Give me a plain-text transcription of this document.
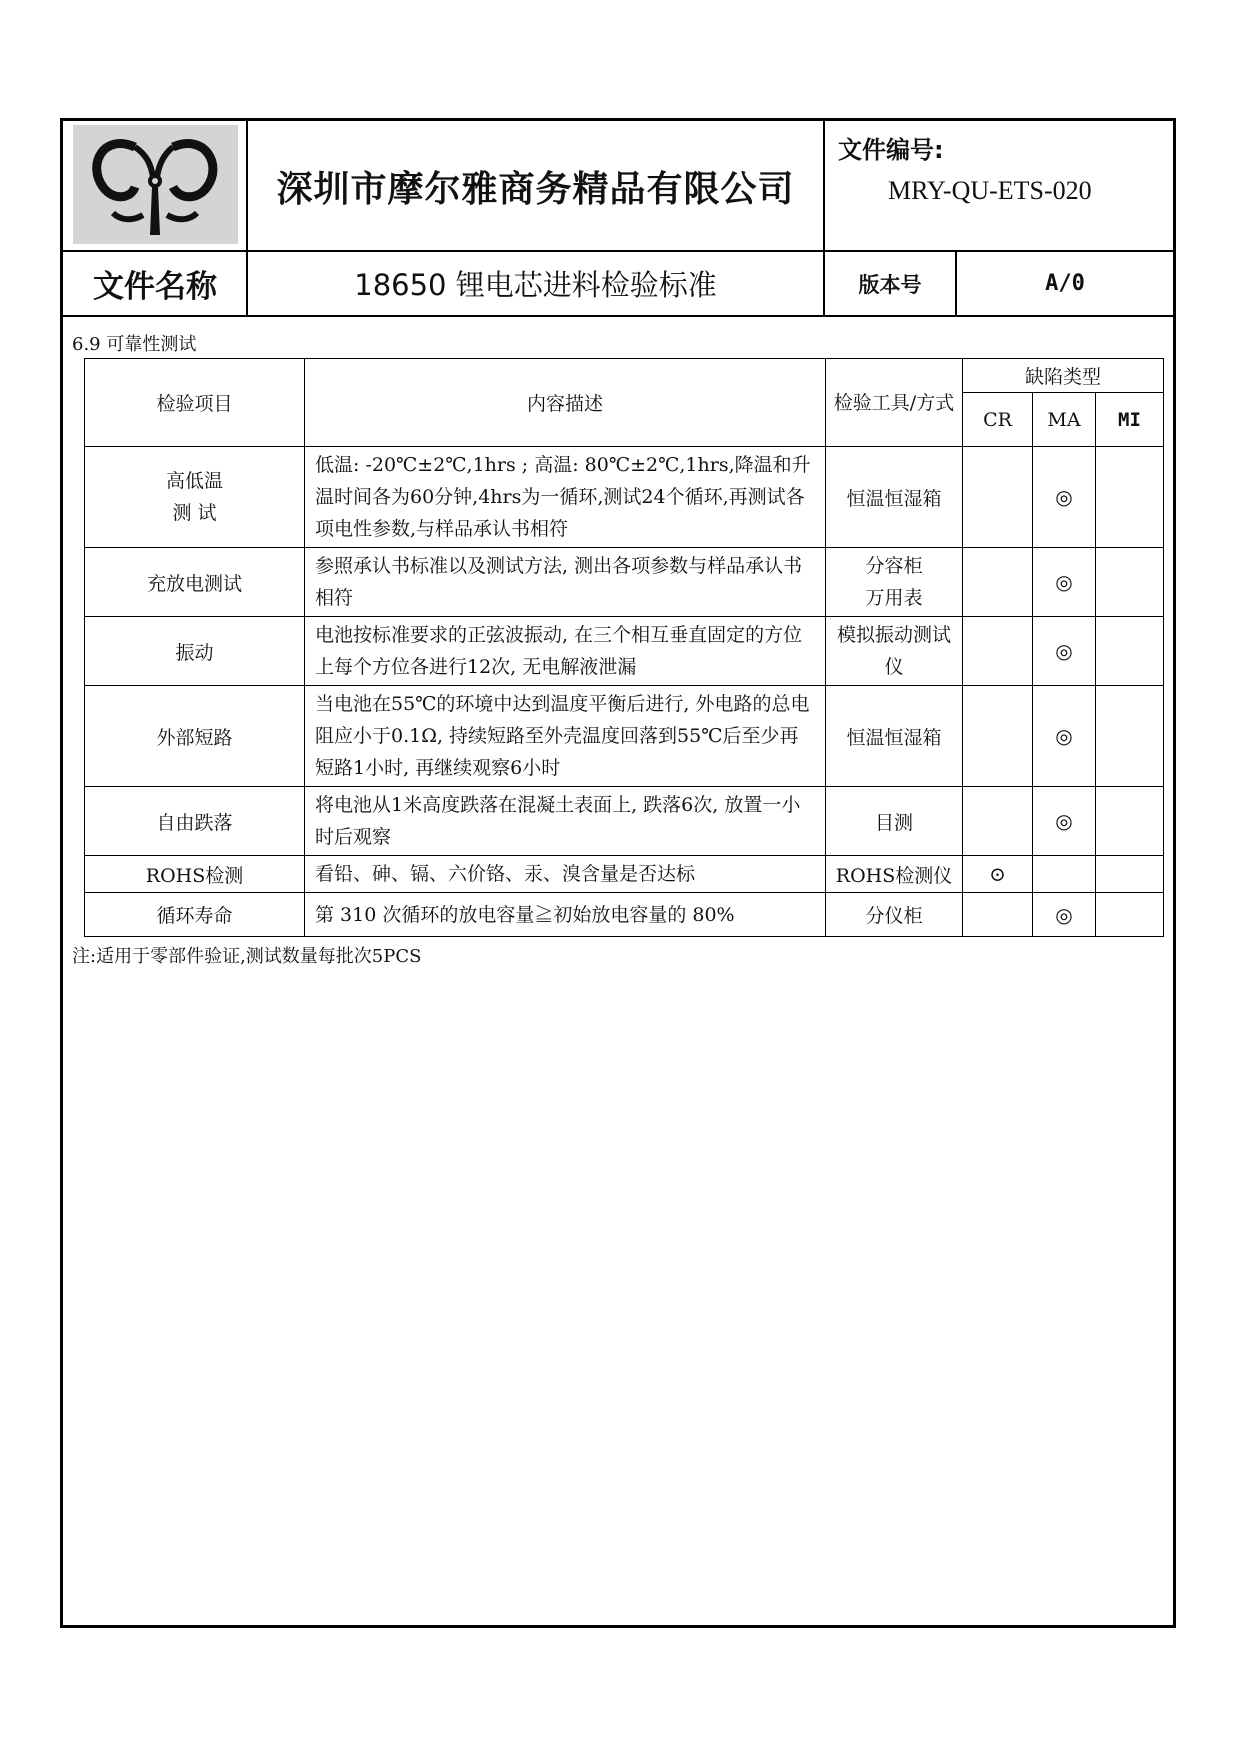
深圳市摩尔雅商务精品有限公司
文件编号:
MRY-QU-ETS-020
文件名称	18650 锂电芯进料检验标准	版本号	A/0
6.9 可靠性测试
检验项目	内容描述	检验工具/方式	缺陷类型		
			CR	MA	MI
高低温
测 试	低温: -20℃±2℃,1hrs ; 高温: 80℃±2℃,1hrs,降温和升温时间各为60分钟,4hrs为一循环,测试24个循环,再测试各项电性参数,与样品承认书相符	恒温恒湿箱		◎	
充放电测试	参照承认书标准以及测试方法, 测出各项参数与样品承认书相符	分容柜
万用表		◎	
振动	电池按标准要求的正弦波振动, 在三个相互垂直固定的方位上每个方位各进行12次, 无电解液泄漏	模拟振动测试仪		◎	
外部短路	当电池在55℃的环境中达到温度平衡后进行, 外电路的总电阻应小于0.1Ω, 持续短路至外壳温度回落到55℃后至少再短路1小时, 再继续观察6小时	恒温恒湿箱		◎	
自由跌落	将电池从1米高度跌落在混凝土表面上, 跌落6次, 放置一小时后观察	目测		◎	
ROHS检测	看铅、砷、镉、六价铬、汞、溴含量是否达标	ROHS检测仪	⊙		
循环寿命	第 310 次循环的放电容量≧初始放电容量的 80%	分仪柜		◎	
注:适用于零部件验证,测试数量每批次5PCS
